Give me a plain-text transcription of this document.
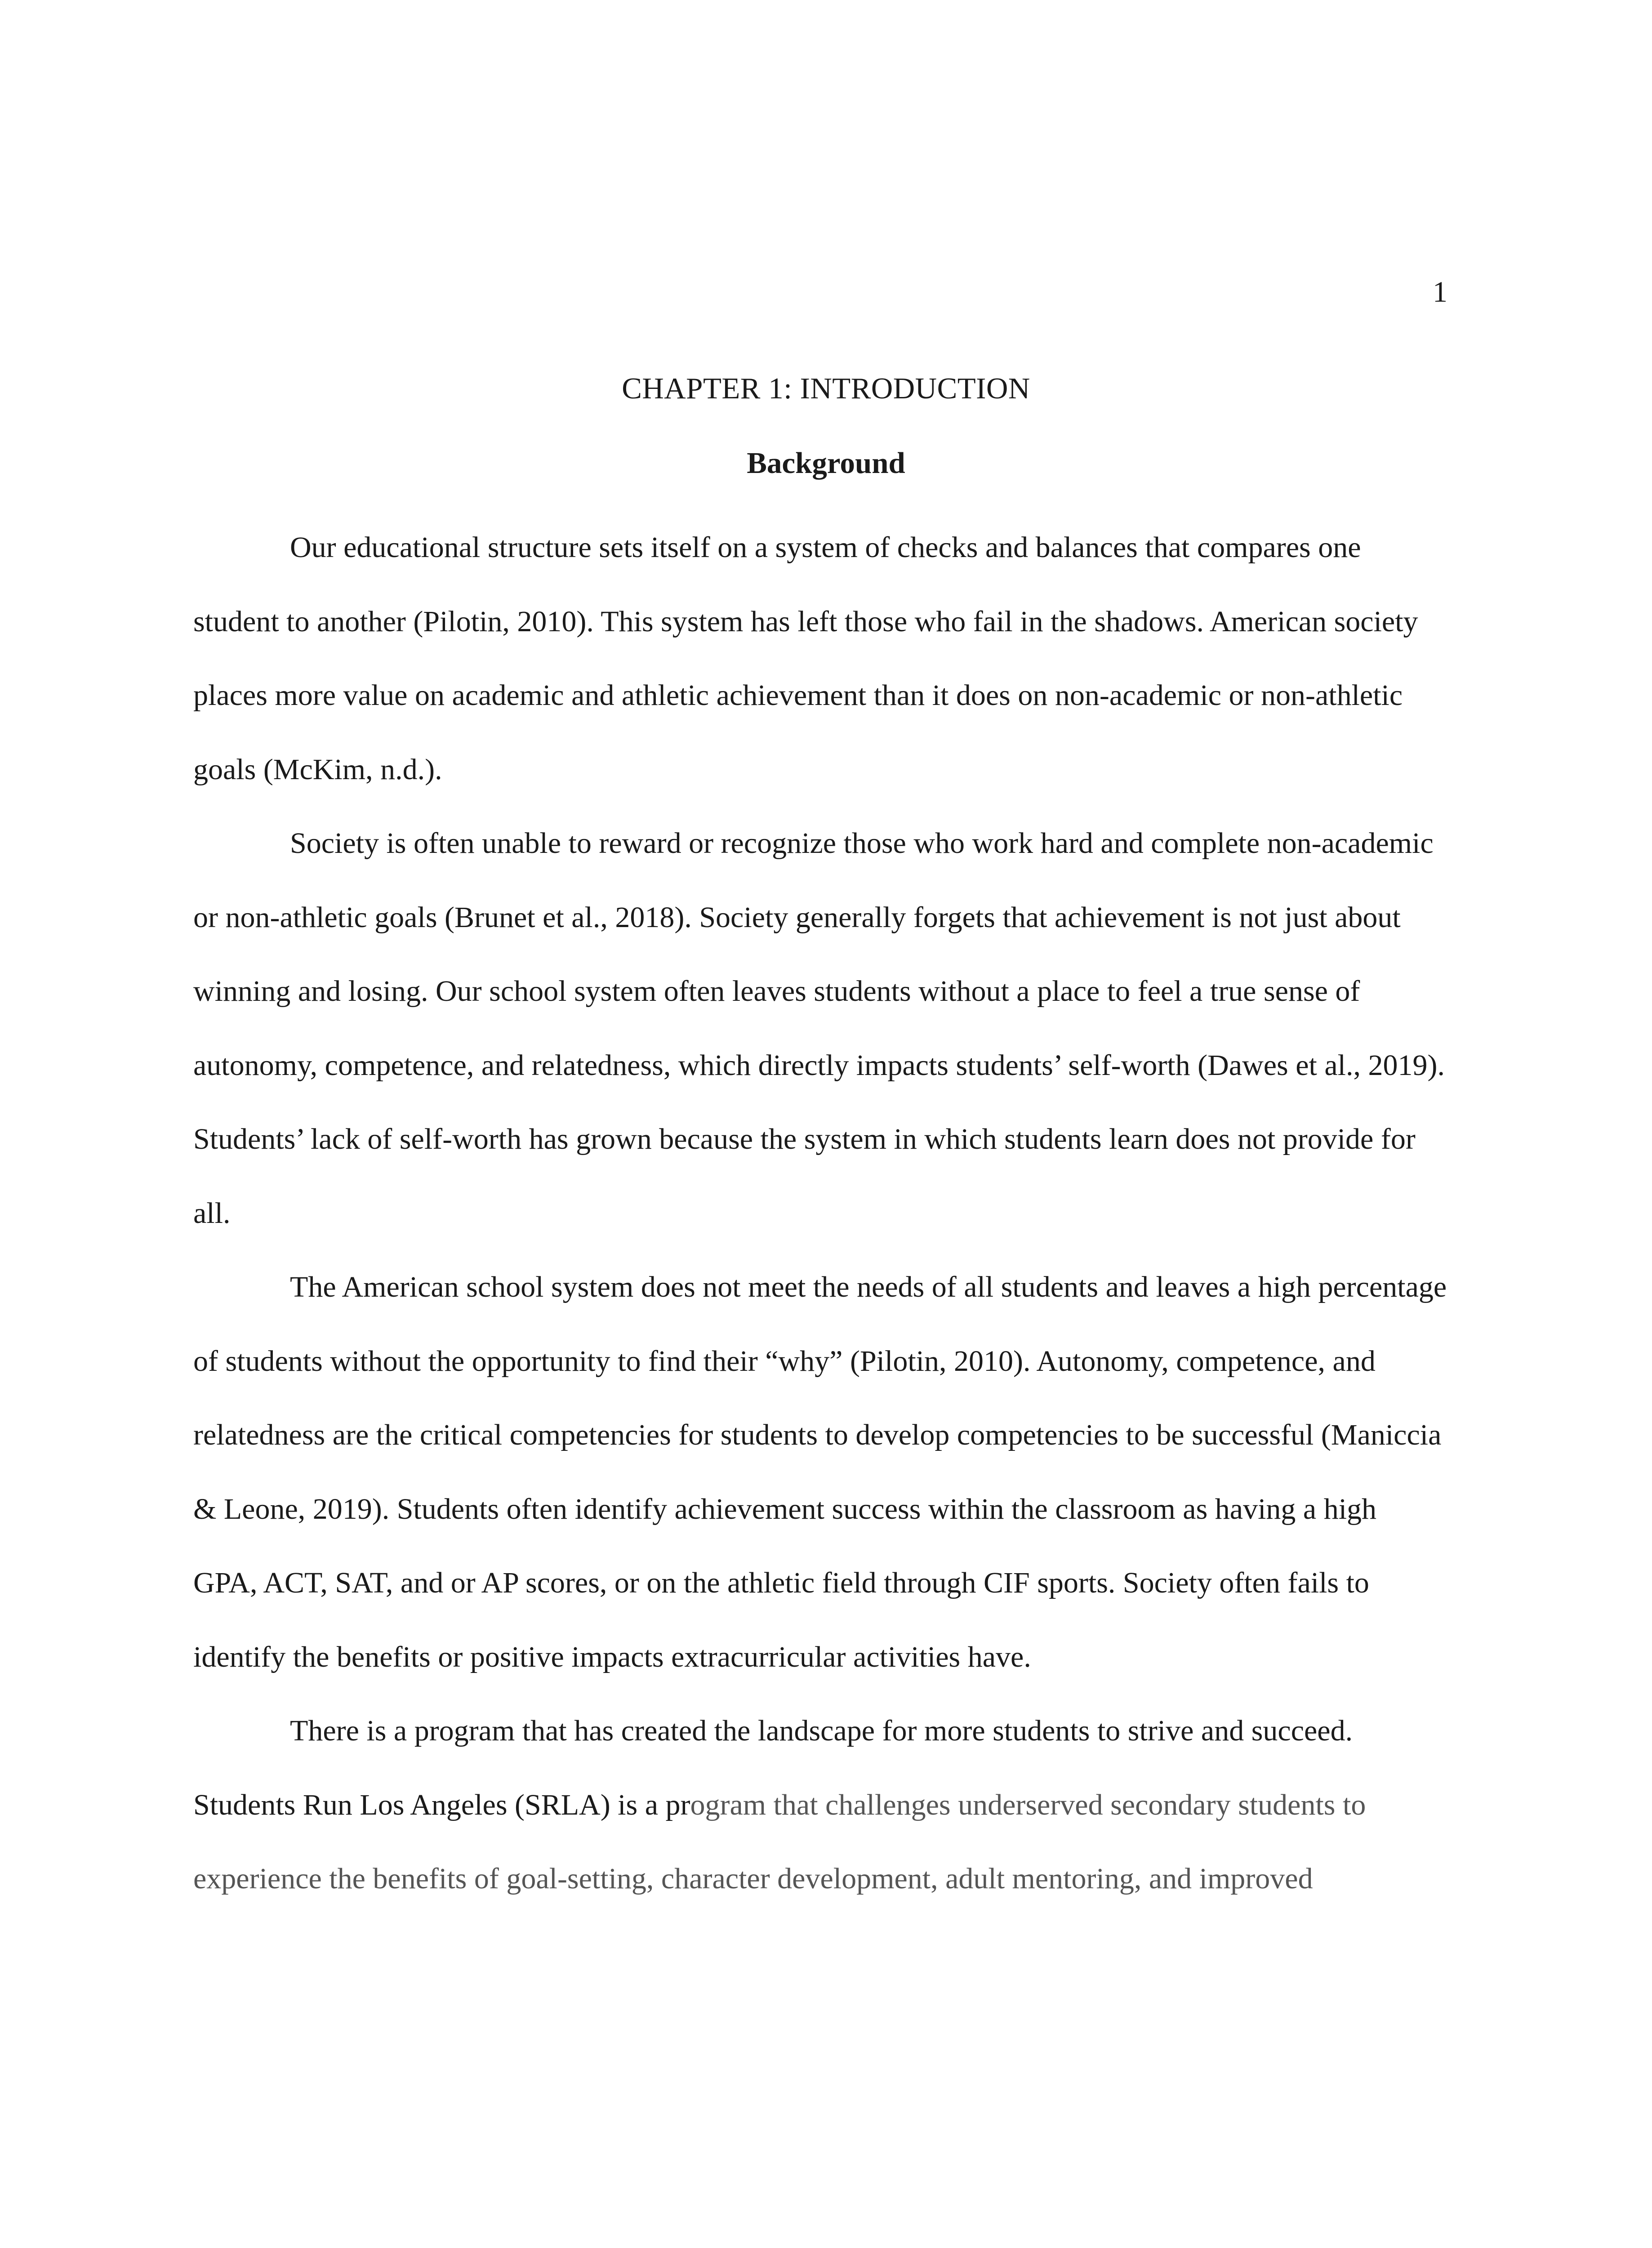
1
CHAPTER 1: INTRODUCTION
Background

Our educational structure sets itself on a system of checks and balances that compares one student to another (Pilotin, 2010). This system has left those who fail in the shadows. American society places more value on academic and athletic achievement than it does on non-academic or non-athletic goals (McKim, n.d.).

Society is often unable to reward or recognize those who work hard and complete non-academic or non-athletic goals (Brunet et al., 2018). Society generally forgets that achievement is not just about winning and losing. Our school system often leaves students without a place to feel a true sense of autonomy, competence, and relatedness, which directly impacts students’ self-worth (Dawes et al., 2019). Students’ lack of self-worth has grown because the system in which students learn does not provide for all.

The American school system does not meet the needs of all students and leaves a high percentage of students without the opportunity to find their “why” (Pilotin, 2010). Autonomy, competence, and relatedness are the critical competencies for students to develop competencies to be successful (Maniccia & Leone, 2019). Students often identify achievement success within the classroom as having a high GPA, ACT, SAT, and or AP scores, or on the athletic field through CIF sports. Society often fails to identify the benefits or positive impacts extracurricular activities have.

There is a program that has created the landscape for more students to strive and succeed. Students Run Los Angeles (SRLA) is a program that challenges underserved secondary students to experience the benefits of goal-setting, character development, adult mentoring, and improved
